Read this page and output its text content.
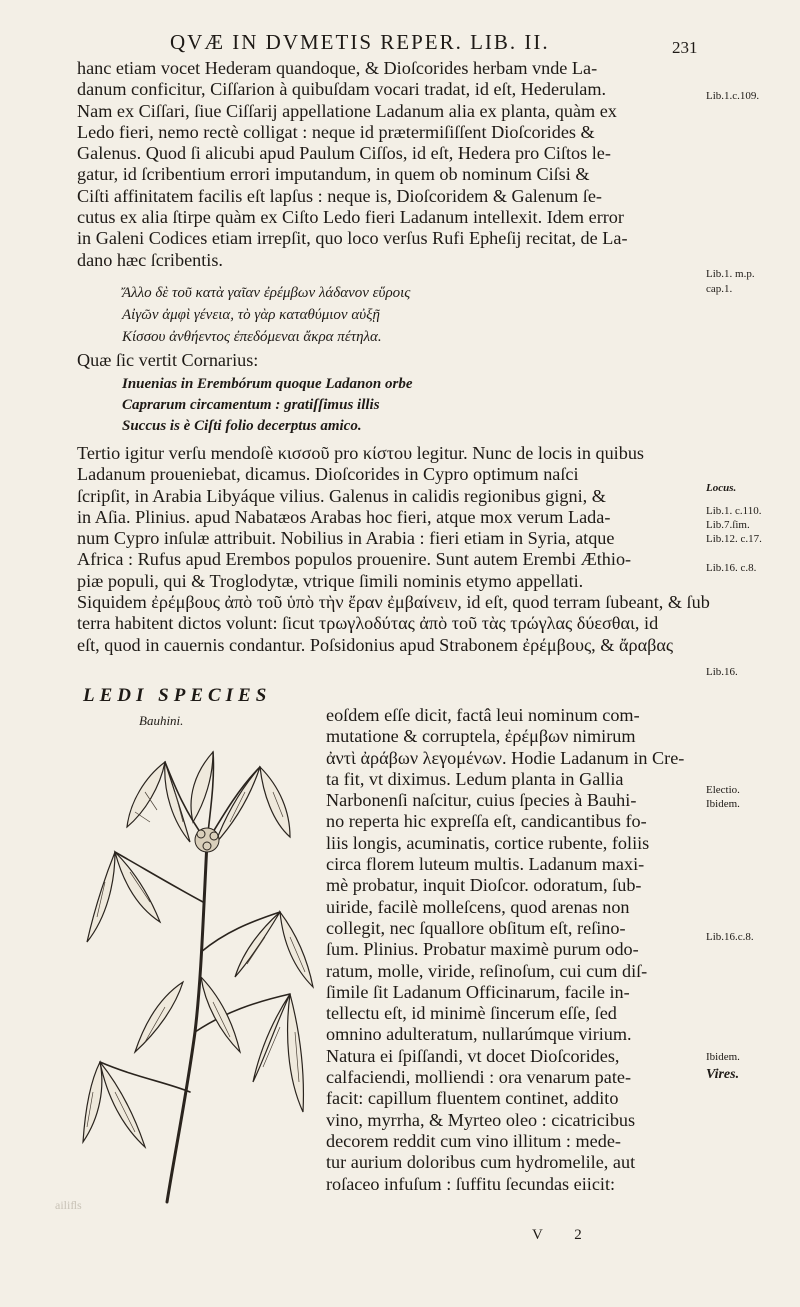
QVÆ IN DVMETIS REPER. LIB. II.	231
hanc etiam vocet Hederam quandoque, & Dioſcorides herbam vnde La-
danum conficitur, Ciſſarion à quibuſdam vocari tradat, id eſt, Hederulam.
Nam ex Ciſſari, ſiue Ciſſarij appellatione Ladanum alia ex planta, quàm ex
Ledo fieri, nemo rectè colligat : neque id prætermiſiſſent Dioſcorides &
Galenus. Quod ſi alicubi apud Paulum Ciſſos, id eſt, Hedera pro Ciſtos le-
gatur, id ſcribentium errori imputandum, in quem ob nominum Ciſsi &
Ciſti affinitatem facilis eſt lapſus : neque is, Dioſcoridem & Galenum ſe-
cutus ex alia ſtirpe quàm ex Ciſto Ledo fieri Ladanum intellexit. Idem error
in Galeni Codices etiam irrepſit, quo loco verſus Rufi Epheſij recitat, de La-
dano hæc ſcribentis.
Ἄλλο δὲ τοῦ κατὰ γαῖαν ἐρέμβων λάδανον εὕροις
Αἰγῶν ἀμφὶ γένεια, τὸ γὰρ καταθύμιον αὐξῇ
Κίσσου ἀνθήεντος ἐπεδόμεναι ἄκρα πέτηλα.
Quæ ſic vertit Cornarius:
Inuenias in Erembórum quoque Ladanon orbe
Caprarum circamentum : gratiſſimus illis
Succus is è Ciſti folio decerptus amico.
Tertio igitur verſu mendoſè κισσοῦ pro κίστου legitur. Nunc de locis in quibus
Ladanum proueniebat, dicamus. Dioſcorides in Cypro optimum naſci
ſcripſit, in Arabia Libyáque vilius. Galenus in calidis regionibus gigni, &
in Aſia. Plinius. apud Nabatæos Arabas hoc fieri, atque mox verum Lada-
num Cypro inſulæ attribuit. Nobilius in Arabia : fieri etiam in Syria, atque
Africa : Rufus apud Erembos populos prouenire. Sunt autem Erembi Æthio-
piæ populi, qui & Troglodytæ, vtrique ſimili nominis etymo appellati.
Siquidem ἐρέμβους ἀπὸ τοῦ ὑπὸ τὴν ἔραν ἐμβαίνειν, id eſt, quod terram ſubeant, & ſub
terra habitent dictos volunt: ſicut τρωγλοδύτας ἀπὸ τοῦ τὰς τρώγλας δύεσθαι, id
eſt, quod in cauernis condantur. Poſsidonius apud Strabonem ἐρέμβους, & ἄραβας
LEDI SPECIES
Bauhini.	eoſdem eſſe dicit, factâ leui nominum com-
mutatione & corruptela, ἐρέμβων nimirum
ἀντὶ ἀράβων λεγομένων. Hodie Ladanum in Cre-
ta fit, vt diximus. Ledum planta in Gallia
Narbonenſi naſcitur, cuius ſpecies à Bauhi-
no reperta hic expreſſa eſt, candicantibus fo-
liis longis, acuminatis, cortice rubente, foliis
circa florem luteum multis. Ladanum maxi-
mè probatur, inquit Dioſcor. odoratum, ſub-
uiride, facilè molleſcens, quod arenas non
collegit, nec ſquallore obſitum eſt, reſino-
ſum. Plinius. Probatur maximè purum odo-
ratum, molle, viride, reſinoſum, cui cum diſ-
ſimile ſit Ladanum Officinarum, facile in-
tellectu eſt, id minimè ſincerum eſſe, ſed
omnino adulteratum, nullarúmque virium.
Natura ei ſpiſſandi, vt docet Dioſcorides,
calfaciendi, molliendi : ora venarum pate-
facit: capillum fluentem continet, addito
vino, myrrha, & Myrteo oleo : cicatricibus
decorem reddit cum vino illitum : mede-
tur aurium doloribus cum hydromelile, aut
roſaceo infuſum : ſuffitu ſecundas eiicit:
Lib.1.c.109.
Lib.1. m.p.
cap.1.
Locus.
Lib.1. c.110.
Lib.7.ſim.
Lib.12. c.17.
Lib.16. c.8.
Lib.16.
Electio.
Ibidem.
Lib.16.c.8.
Ibidem.
Vires.
V 2
ailiﬂs
